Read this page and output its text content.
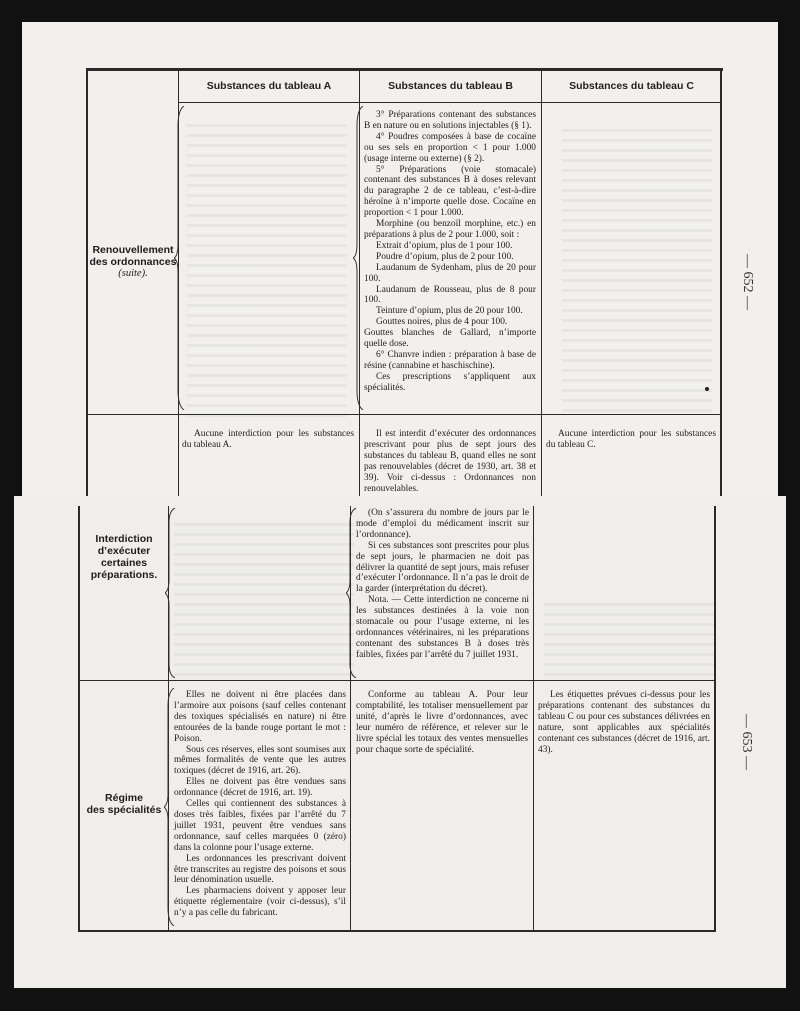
— 652 —
Substances du tableau A	Substances du tableau B	Substances du tableau C
Renouvellement
des ordonnances
(suite).

3° Préparations contenant des substances B en nature ou en solutions injectables (§ 1).

4° Poudres composées à base de cocaïne ou ses sels en proportion < 1 pour 1.000 (usage interne ou externe) (§ 2).

5° Préparations (voie stomacale) contenant des substances B à doses relevant du paragraphe 2 de ce tableau, c’est-à-dire héroïne à n’importe quelle dose. Cocaïne en proportion < 1 pour 1.000.

Morphine (ou benzoïl morphine, etc.) en préparations à plus de 2 pour 1.000, soit :

Extrait d’opium, plus de 1 pour 100.

Poudre d’opium, plus de 2 pour 100.

Laudanum de Sydenham, plus de 20 pour 100.

Laudanum de Rousseau, plus de 8 pour 100.

Teinture d’opium, plus de 20 pour 100.

Gouttes noires, plus de 4 pour 100.

Gouttes blanches de Gallard, n’importe quelle dose.

6° Chanvre indien : préparation à base de résine (cannabine et haschischine).

Ces prescriptions s’appliquent aux spécialités.

Aucune interdiction pour les substances du tableau A.

Il est interdit d’exécuter des ordonnances prescrivant pour plus de sept jours des substances du tableau B, quand elles ne sont pas renouvelables (décret de 1930, art. 38 et 39). Voir ci-dessus : Ordonnances non renouvelables.

Aucune interdiction pour les substances du tableau C.

— 653 —
Interdiction
d’exécuter
certaines
préparations.

(On s’assurera du nombre de jours par le mode d’emploi du médicament inscrit sur l’ordonnance).

Si ces substances sont prescrites pour plus de sept jours, le pharmacien ne doit pas délivrer la quantité de sept jours, mais refuser d’exécuter l’ordonnance. Il n’a pas le droit de la garder (interprétation du décret).

Nota. — Cette interdiction ne concerne ni les substances destinées à la voie non stomacale ou pour l’usage externe, ni les ordonnances vétérinaires, ni les préparations contenant des substances B à doses très faibles, fixées par l’arrêté du 7 juillet 1931.

Régime
des spécialités

Elles ne doivent ni être placées dans l’armoire aux poisons (sauf celles contenant des toxiques spécialisés en nature) ni être entourées de la bande rouge portant le mot : Poison.

Sous ces réserves, elles sont soumises aux mêmes formalités de vente que les autres toxiques (décret de 1916, art. 26).

Elles ne doivent pas être vendues sans ordonnance (décret de 1916, art. 19).

Celles qui contiennent des substances à doses très faibles, fixées par l’arrêté du 7 juillet 1931, peuvent être vendues sans ordonnance, sauf celles marquées 0 (zéro) dans la colonne pour l’usage externe.

Les ordonnances les prescrivant doivent être transcrites au registre des poisons et sous leur dénomination usuelle.

Les pharmaciens doivent y apposer leur étiquette réglementaire (voir ci-dessus), s’il n’y a pas celle du fabricant.

Conforme au tableau A. Pour leur comptabilité, les totaliser mensuellement par unité, d’après le livre d’ordonnances, avec leur numéro de référence, et relever sur le livre spécial les totaux des ventes mensuelles pour chaque sorte de spécialité.

Les étiquettes prévues ci-dessus pour les préparations contenant des substances du tableau C ou pour ces substances délivrées en nature, sont applicables aux spécialités contenant ces substances (décret de 1916, art. 43).
